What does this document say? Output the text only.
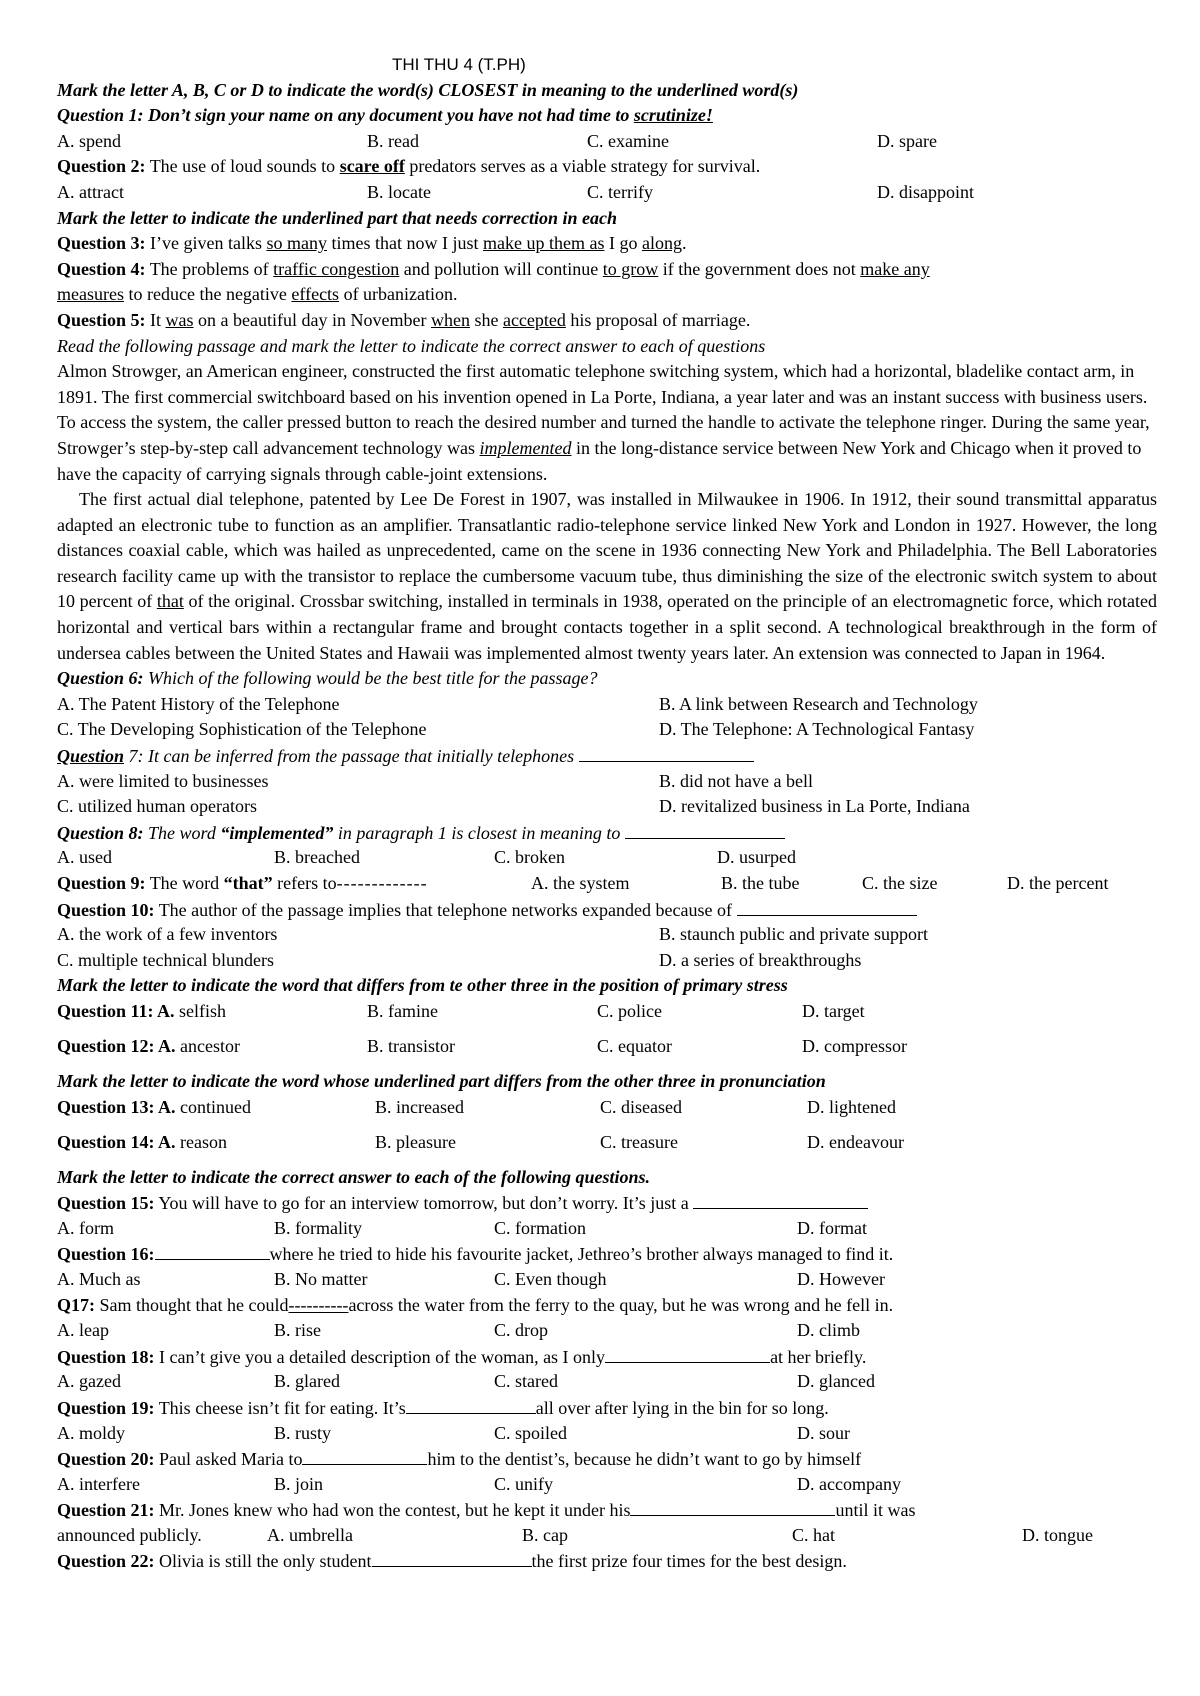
THI THU 4 (T.PH)
Mark the letter A, B, C or D to indicate the word(s) CLOSEST in meaning to the underlined word(s)
Question 1: Don’t sign your name on any document you have not had time to scrutinize!
A. spend	B. read	C. examine	D. spare
Question 2: The use of loud sounds to scare off predators serves as a viable strategy for survival.
A. attract	B. locate	C. terrify	D. disappoint
Mark the letter to indicate the underlined part that needs correction in each
Question 3: I’ve given talks so many times that now I just make up them as I go along.
Question 4: The problems of traffic congestion and pollution will continue to grow if the government does not make any
measures to reduce the negative effects of urbanization.
Question 5: It was on a beautiful day in November when she accepted his proposal of marriage.
Read the following passage and mark the letter to indicate the correct answer to each of questions
Almon Strowger, an American engineer, constructed the first automatic telephone switching system, which had a horizontal, bladelike contact arm, in 1891. The first commercial switchboard based on his invention opened in La Porte, Indiana, a year later and was an instant success with business users. To access the system, the caller pressed button to reach the desired number and turned the handle to activate the telephone ringer. During the same year, Strowger’s step-by-step call advancement technology was implemented in the long-distance service between New York and Chicago when it proved to have the capacity of carrying signals through cable-joint extensions.
The first actual dial telephone, patented by Lee De Forest in 1907, was installed in Milwaukee in 1906. In 1912, their sound transmittal apparatus adapted an electronic tube to function as an amplifier. Transatlantic radio-telephone service linked New York and London in 1927. However, the long distances coaxial cable, which was hailed as unprecedented, came on the scene in 1936 connecting New York and Philadelphia. The Bell Laboratories research facility came up with the transistor to replace the cumbersome vacuum tube, thus diminishing the size of the electronic switch system to about 10 percent of that of the original. Crossbar switching, installed in terminals in 1938, operated on the principle of an electromagnetic force, which rotated horizontal and vertical bars within a rectangular frame and brought contacts together in a split second. A technological breakthrough in the form of undersea cables between the United States and Hawaii was implemented almost twenty years later. An extension was connected to Japan in 1964.
Question 6: Which of the following would be the best title for the passage?
A. The Patent History of the Telephone	B. A link between Research and Technology
C. The Developing Sophistication of the Telephone	D. The Telephone: A Technological Fantasy
Question 7: It can be inferred from the passage that initially telephones
A. were limited to businesses	B. did not have a bell
C. utilized human operators	D. revitalized business in La Porte, Indiana
Question 8: The word “implemented” in paragraph 1 is closest in meaning to
A. used	B. breached	C. broken	D. usurped
Question 9: The word “that” refers to-------------	A. the system	B. the tube	C. the size	D. the percent
Question 10: The author of the passage implies that telephone networks expanded because of
A. the work of a few inventors	B. staunch public and private support
C. multiple technical blunders	D. a series of breakthroughs
Mark the letter to indicate the word that differs from te other three in the position of primary stress
Question 11: A. selfish	B. famine	C. police	D. target
Question 12: A. ancestor	B. transistor	C. equator	D. compressor
Mark the letter to indicate the word whose underlined part differs from the other three in pronunciation
Question 13: A. continued	B. increased	C. diseased	D. lightened
Question 14: A. reason	B. pleasure	C. treasure	D. endeavour
Mark the letter to indicate the correct answer to each of the following questions.
Question 15: You will have to go for an interview tomorrow, but don’t worry. It’s just a
A. form	B. formality	C. formation	D. format
Question 16:	where he tried to hide his favourite jacket, Jethreo’s brother always managed to find it.
A. Much as	B. No matter	C. Even though	D. However
Q17: Sam thought that he could----------across the water from the ferry to the quay, but he was wrong and he fell in.
A. leap	B. rise	C. drop	D. climb
Question 18: I can’t give you a detailed description of the woman, as I only	at her briefly.
A. gazed	B. glared	C. stared	D. glanced
Question 19: This cheese isn’t fit for eating. It’s	all over after lying in the bin for so long.
A. moldy	B. rusty	C. spoiled	D. sour
Question 20: Paul asked Maria to	him to the dentist’s, because he didn’t want to go by himself
A. interfere	B. join	C. unify	D. accompany
Question 21: Mr. Jones knew who had won the contest, but he kept it under his	until it was
announced publicly.	A. umbrella	B. cap	C. hat	D. tongue
Question 22: Olivia is still the only student	the first prize four times for the best design.
